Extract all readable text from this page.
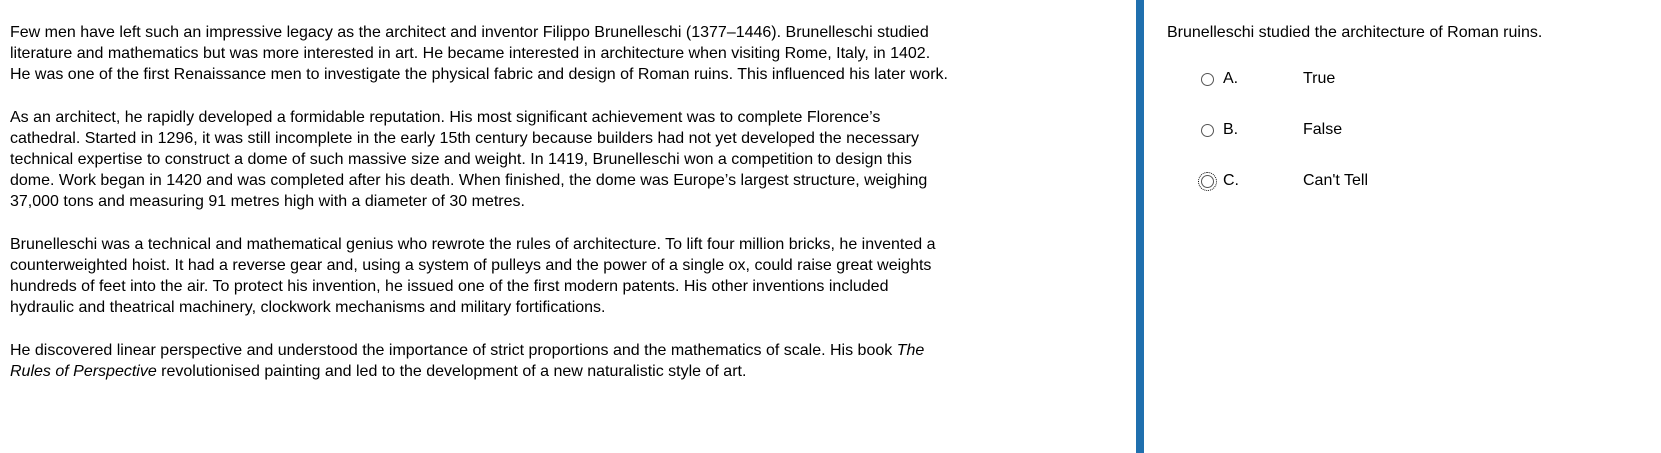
Few men have left such an impressive legacy as the architect and inventor Filippo Brunelleschi (1377–1446). Brunelleschi studied
literature and mathematics but was more interested in art. He became interested in architecture when visiting Rome, Italy, in 1402.
He was one of the first Renaissance men to investigate the physical fabric and design of Roman ruins. This influenced his later work.

As an architect, he rapidly developed a formidable reputation. His most significant achievement was to complete Florence’s
cathedral. Started in 1296, it was still incomplete in the early 15th century because builders had not yet developed the necessary
technical expertise to construct a dome of such massive size and weight. In 1419, Brunelleschi won a competition to design this
dome. Work began in 1420 and was completed after his death. When finished, the dome was Europe’s largest structure, weighing
37,000 tons and measuring 91 metres high with a diameter of 30 metres.

Brunelleschi was a technical and mathematical genius who rewrote the rules of architecture. To lift four million bricks, he invented a
counterweighted hoist. It had a reverse gear and, using a system of pulleys and the power of a single ox, could raise great weights
hundreds of feet into the air. To protect his invention, he issued one of the first modern patents. His other inventions included
hydraulic and theatrical machinery, clockwork mechanisms and military fortifications.

He discovered linear perspective and understood the importance of strict proportions and the mathematics of scale. His book The
Rules of Perspective revolutionised painting and led to the development of a new naturalistic style of art.

Brunelleschi studied the architecture of Roman ruins.
A.	True
B.	False
C.	Can't Tell
